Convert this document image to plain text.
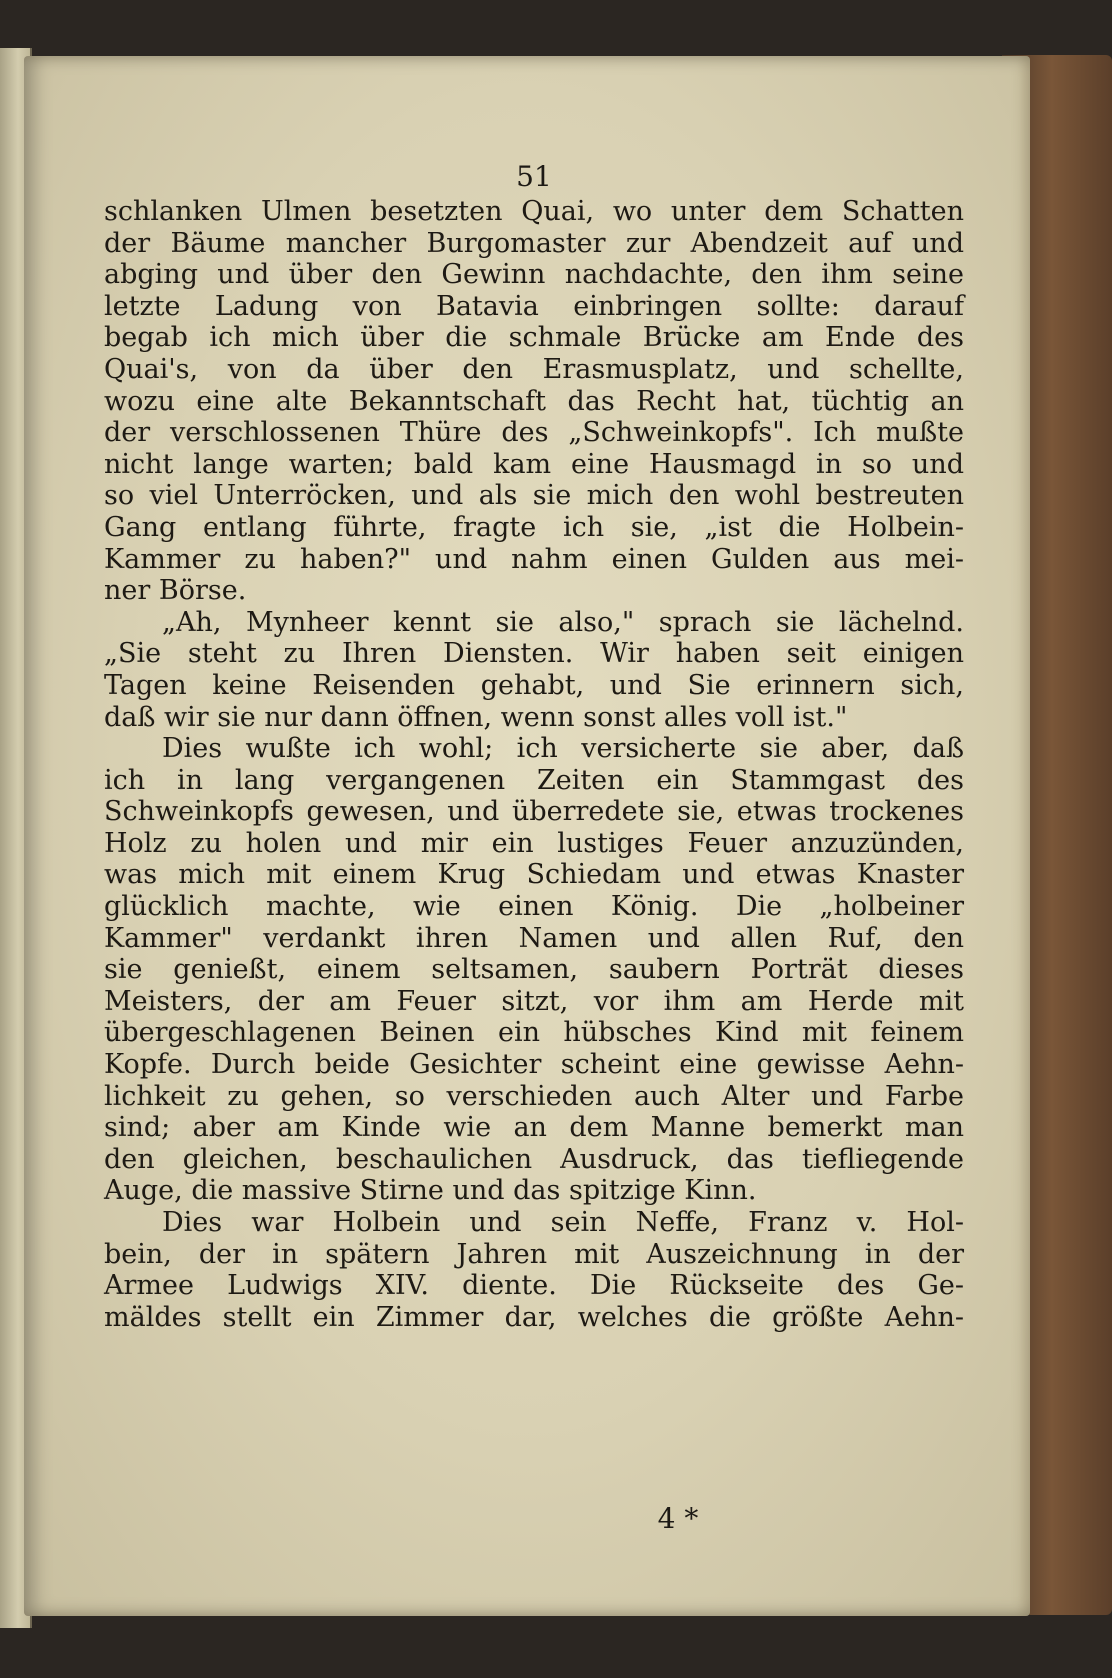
51

schlanken Ulmen besetzten Quai, wo unter dem Schatten
der Bäume mancher Burgomaster zur Abendzeit auf und
abging und über den Gewinn nachdachte, den ihm seine
letzte Ladung von Batavia einbringen sollte: darauf
begab ich mich über die schmale Brücke am Ende des
Quai's, von da über den Erasmusplatz, und schellte,
wozu eine alte Bekanntschaft das Recht hat, tüchtig an
der verschlossenen Thüre des „Schweinkopfs". Ich mußte
nicht lange warten; bald kam eine Hausmagd in so und
so viel Unterröcken, und als sie mich den wohl bestreuten
Gang entlang führte, fragte ich sie, „ist die Holbein-
Kammer zu haben?" und nahm einen Gulden aus mei-
ner Börse.
„Ah, Mynheer kennt sie also," sprach sie lächelnd.
„Sie steht zu Ihren Diensten. Wir haben seit einigen
Tagen keine Reisenden gehabt, und Sie erinnern sich,
daß wir sie nur dann öffnen, wenn sonst alles voll ist."
Dies wußte ich wohl; ich versicherte sie aber, daß
ich in lang vergangenen Zeiten ein Stammgast des
Schweinkopfs gewesen, und überredete sie, etwas trockenes
Holz zu holen und mir ein lustiges Feuer anzuzünden,
was mich mit einem Krug Schiedam und etwas Knaster
glücklich machte, wie einen König. Die „holbeiner
Kammer" verdankt ihren Namen und allen Ruf, den
sie genießt, einem seltsamen, saubern Porträt dieses
Meisters, der am Feuer sitzt, vor ihm am Herde mit
übergeschlagenen Beinen ein hübsches Kind mit feinem
Kopfe. Durch beide Gesichter scheint eine gewisse Aehn-
lichkeit zu gehen, so verschieden auch Alter und Farbe
sind; aber am Kinde wie an dem Manne bemerkt man
den gleichen, beschaulichen Ausdruck, das tiefliegende
Auge, die massive Stirne und das spitzige Kinn.
Dies war Holbein und sein Neffe, Franz v. Hol-
bein, der in spätern Jahren mit Auszeichnung in der
Armee Ludwigs XIV. diente. Die Rückseite des Ge-
mäldes stellt ein Zimmer dar, welches die größte Aehn-

4 *
